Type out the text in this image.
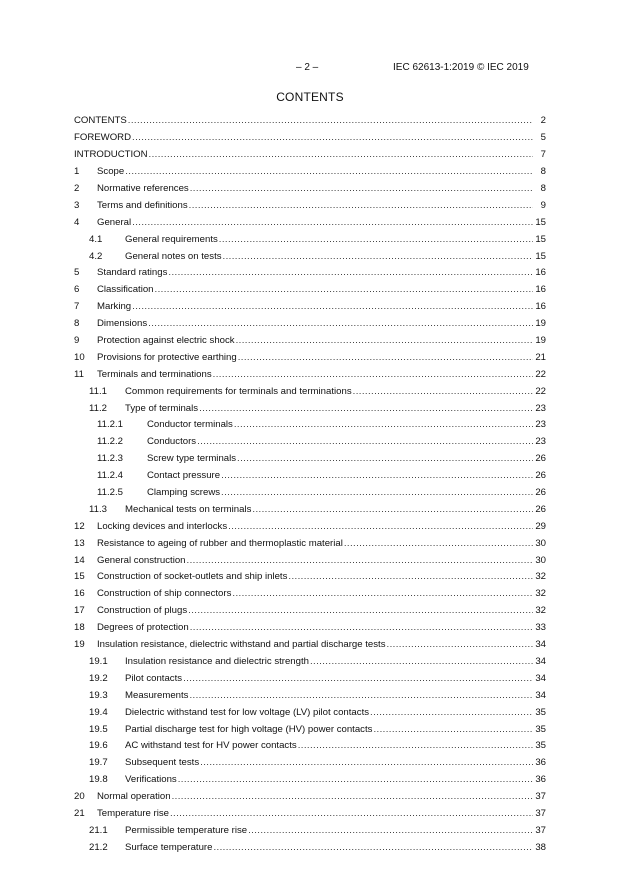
– 2 –	IEC 62613-1:2019 © IEC 2019
CONTENTS
CONTENTS .....	2
FOREWORD .....	5
INTRODUCTION .....	7
1	Scope .....	8
2	Normative references .....	8
3	Terms and definitions .....	9
4	General .....	15
4.1	General requirements .....	15
4.2	General notes on tests .....	15
5	Standard ratings .....	16
6	Classification .....	16
7	Marking .....	16
8	Dimensions .....	19
9	Protection against electric shock .....	19
10	Provisions for protective earthing .....	21
11	Terminals and terminations .....	22
11.1	Common requirements for terminals and terminations .....	22
11.2	Type of terminals .....	23
11.2.1	Conductor terminals .....	23
11.2.2	Conductors .....	23
11.2.3	Screw type terminals .....	26
11.2.4	Contact pressure .....	26
11.2.5	Clamping screws .....	26
11.3	Mechanical tests on terminals .....	26
12	Locking devices and interlocks .....	29
13	Resistance to ageing of rubber and thermoplastic material .....	30
14	General construction .....	30
15	Construction of socket-outlets and ship inlets .....	32
16	Construction of ship connectors .....	32
17	Construction of plugs .....	32
18	Degrees of protection .....	33
19	Insulation resistance, dielectric withstand and partial discharge tests .....	34
19.1	Insulation resistance and dielectric strength .....	34
19.2	Pilot contacts .....	34
19.3	Measurements .....	34
19.4	Dielectric withstand test for low voltage (LV) pilot contacts .....	35
19.5	Partial discharge test for high voltage (HV) power contacts .....	35
19.6	AC withstand test for HV power contacts .....	35
19.7	Subsequent tests .....	36
19.8	Verifications .....	36
20	Normal operation .....	37
21	Temperature rise .....	37
21.1	Permissible temperature rise .....	37
21.2	Surface temperature .....	38
